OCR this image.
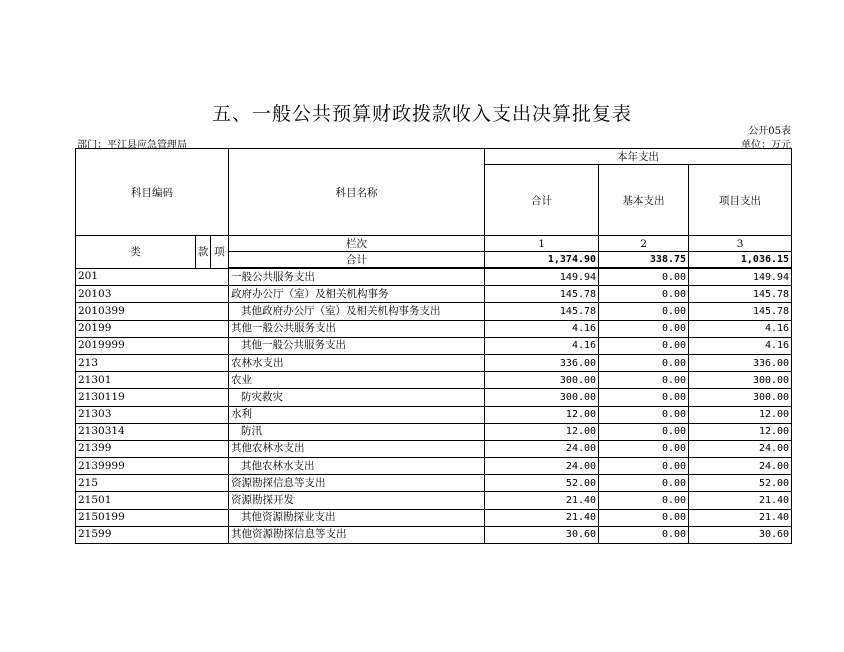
五、一般公共预算财政拨款收入支出决算批复表
公开05表
部门：平江县应急管理局	单位：万元
科目编码			科目名称	本年支出		
				合计	基本支出	项目支出
类	款	项	栏次	1	2	3
			合计	1,374.90	338.75	1,036.15
201			一般公共服务支出	149.94	0.00	149.94
20103			政府办公厅（室）及相关机构事务	145.78	0.00	145.78
2010399			其他政府办公厅（室）及相关机构事务支出	145.78	0.00	145.78
20199			其他一般公共服务支出	4.16	0.00	4.16
2019999			其他一般公共服务支出	4.16	0.00	4.16
213			农林水支出	336.00	0.00	336.00
21301			农业	300.00	0.00	300.00
2130119			防灾救灾	300.00	0.00	300.00
21303			水利	12.00	0.00	12.00
2130314			防汛	12.00	0.00	12.00
21399			其他农林水支出	24.00	0.00	24.00
2139999			其他农林水支出	24.00	0.00	24.00
215			资源勘探信息等支出	52.00	0.00	52.00
21501			资源勘探开发	21.40	0.00	21.40
2150199			其他资源勘探业支出	21.40	0.00	21.40
21599			其他资源勘探信息等支出	30.60	0.00	30.60
